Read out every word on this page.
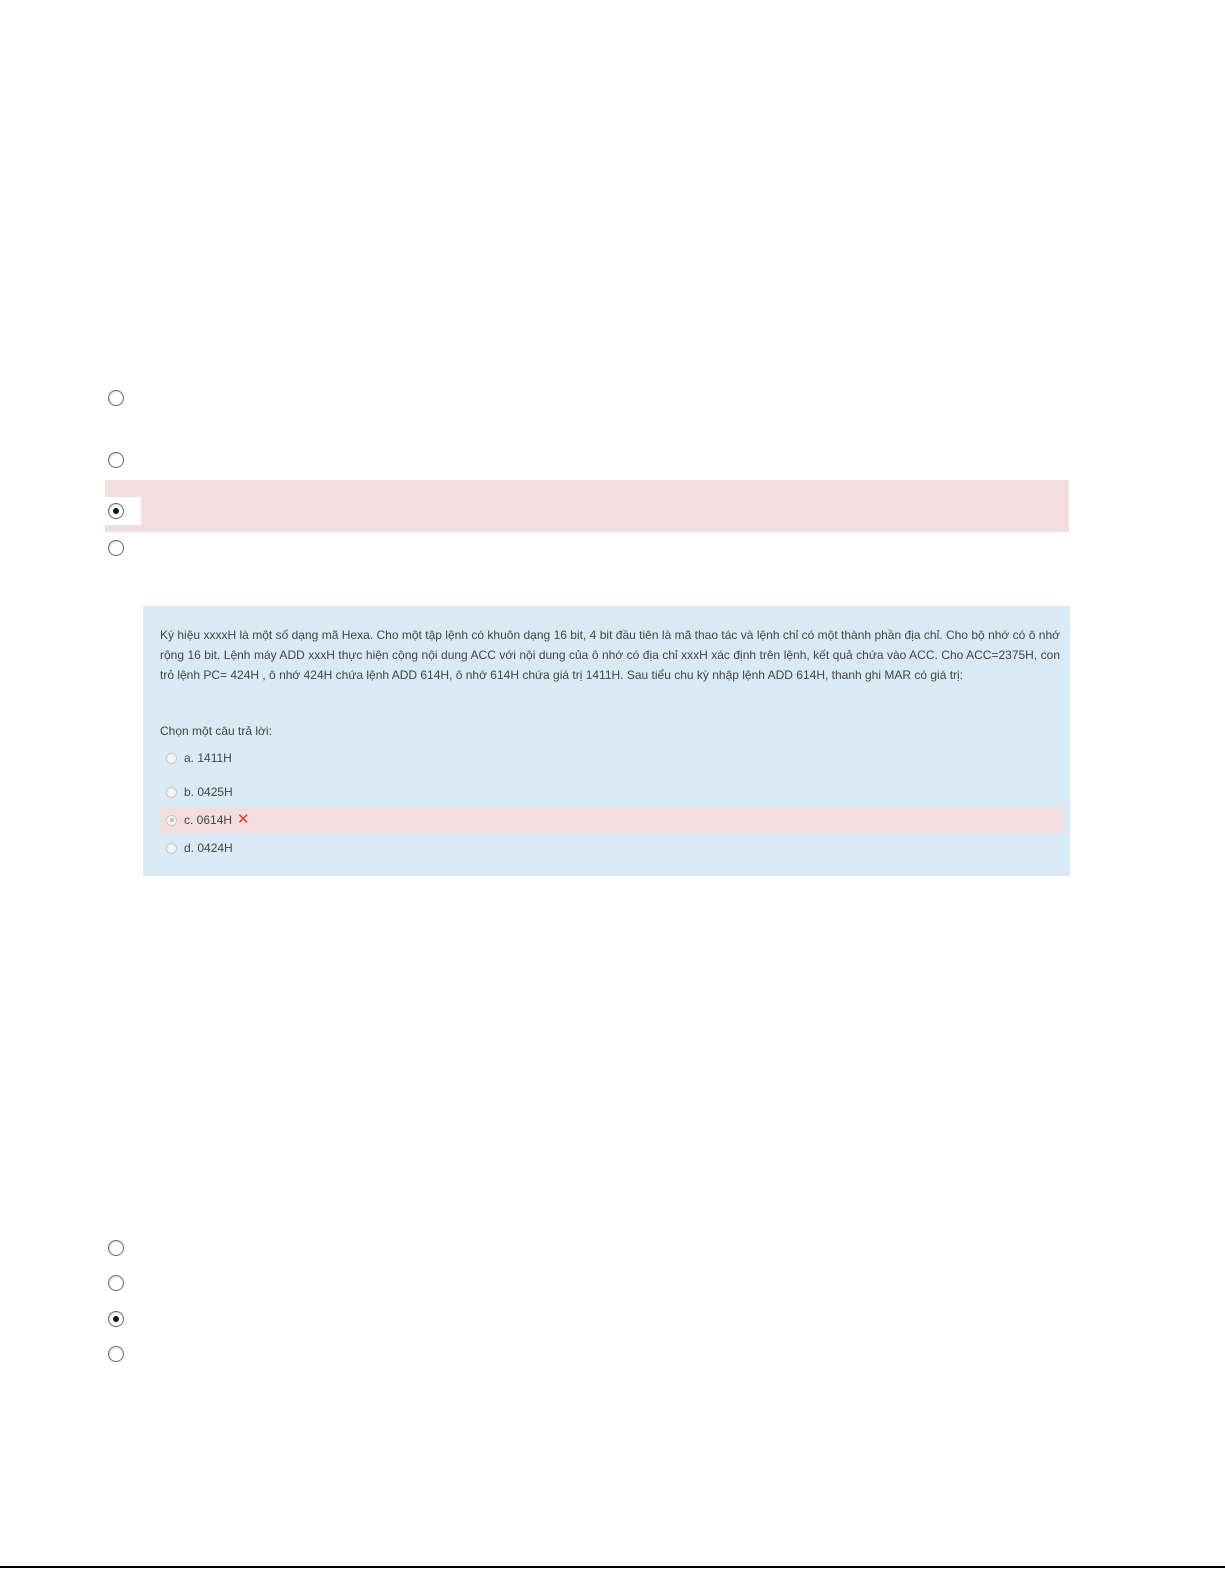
Ký hiệu xxxxH là một số dạng mã Hexa. Cho một tập lệnh có khuôn dạng 16 bit, 4 bit đầu tiên là mã thao tác và lệnh chỉ có một thành phần địa chỉ. Cho bộ nhớ có ô nhớ rộng 16 bit. Lệnh máy ADD xxxH thực hiện cộng nội dung ACC với nội dung của ô nhớ có địa chỉ xxxH xác định trên lệnh, kết quả chứa vào ACC. Cho ACC=2375H, con trỏ lệnh PC= 424H , ô nhớ 424H chứa lệnh ADD 614H, ô nhớ 614H chứa giá trị 1411H. Sau tiểu chu kỳ nhập lệnh ADD 614H, thanh ghi MAR có giá trị:
Chọn một câu trả lời:
a. 1411H
b. 0425H
c. 0614H ✕
d. 0424H
